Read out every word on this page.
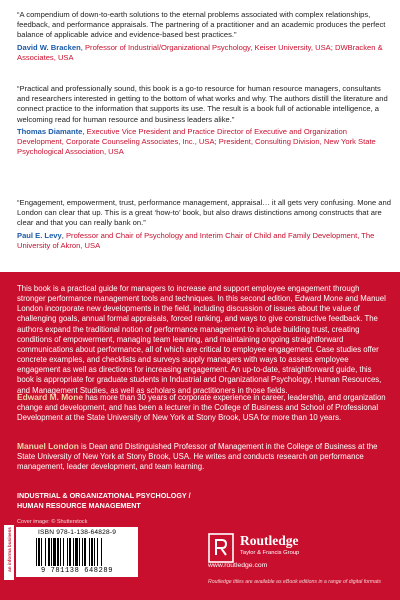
“A compendium of down-to-earth solutions to the eternal problems associated with complex relationships, feedback, and performance appraisals. The partnering of a practitioner and an academic produces the perfect balance of applicable advice and evidence-based best practices.”
David W. Bracken, Professor of Industrial/Organizational Psychology, Keiser University, USA; DWBracken & Associates, USA
“Practical and professionally sound, this book is a go-to resource for human resource managers, consultants and researchers interested in getting to the bottom of what works and why. The authors distill the literature and connect practice to the information that supports its use. The result is a book full of actionable intelligence, a welcoming read for human resource and business leaders alike.”
Thomas Diamante, Executive Vice President and Practice Director of Executive and Organization Development, Corporate Counseling Associates, Inc., USA; President, Consulting Division, New York State Psychological Association, USA
“Engagement, empowerment, trust, performance management, appraisal… it all gets very confusing. Mone and London can clear that up. This is a great ‘how-to’ book, but also draws distinctions among constructs that are clear and that you can really bank on.”
Paul E. Levy, Professor and Chair of Psychology and Interim Chair of Child and Family Development, The University of Akron, USA

This book is a practical guide for managers to increase and support employee engagement through stronger performance management tools and techniques. In this second edition, Edward Mone and Manuel London incorporate new developments in the field, including discussion of issues about the value of challenging goals, annual formal appraisals, forced ranking, and ways to give constructive feedback. The authors expand the traditional notion of performance management to include building trust, creating conditions of empowerment, managing team learning, and maintaining ongoing straightforward communications about performance, all of which are critical to employee engagement. Case studies offer concrete examples, and checklists and surveys supply managers with ways to assess employee engagement as well as directions for increasing engagement. An up-to-date, straightforward guide, this book is appropriate for graduate students in Industrial and Organizational Psychology, Human Resources, and Management Studies, as well as scholars and practitioners in those fields.

Edward M. Mone has more than 30 years of corporate experience in career, leadership, and organization change and development, and has been a lecturer in the College of Business and School of Professional Development at the State University of New York at Stony Brook, USA for more than 10 years.

Manuel London is Dean and Distinguished Professor of Management in the College of Business at the State University of New York at Stony Brook, USA. He writes and conducts research on performance management, leader development, and team learning.

INDUSTRIAL & ORGANIZATIONAL PSYCHOLOGY /
HUMAN RESOURCE MANAGEMENT

Cover image: © Shutterstock
an informa business	ISBN 978-1-138-64828-9
9 781138 648289
Routledge
Taylor & Francis Group
www.routledge.com
Routledge titles are available as eBook editions in a range of digital formats
